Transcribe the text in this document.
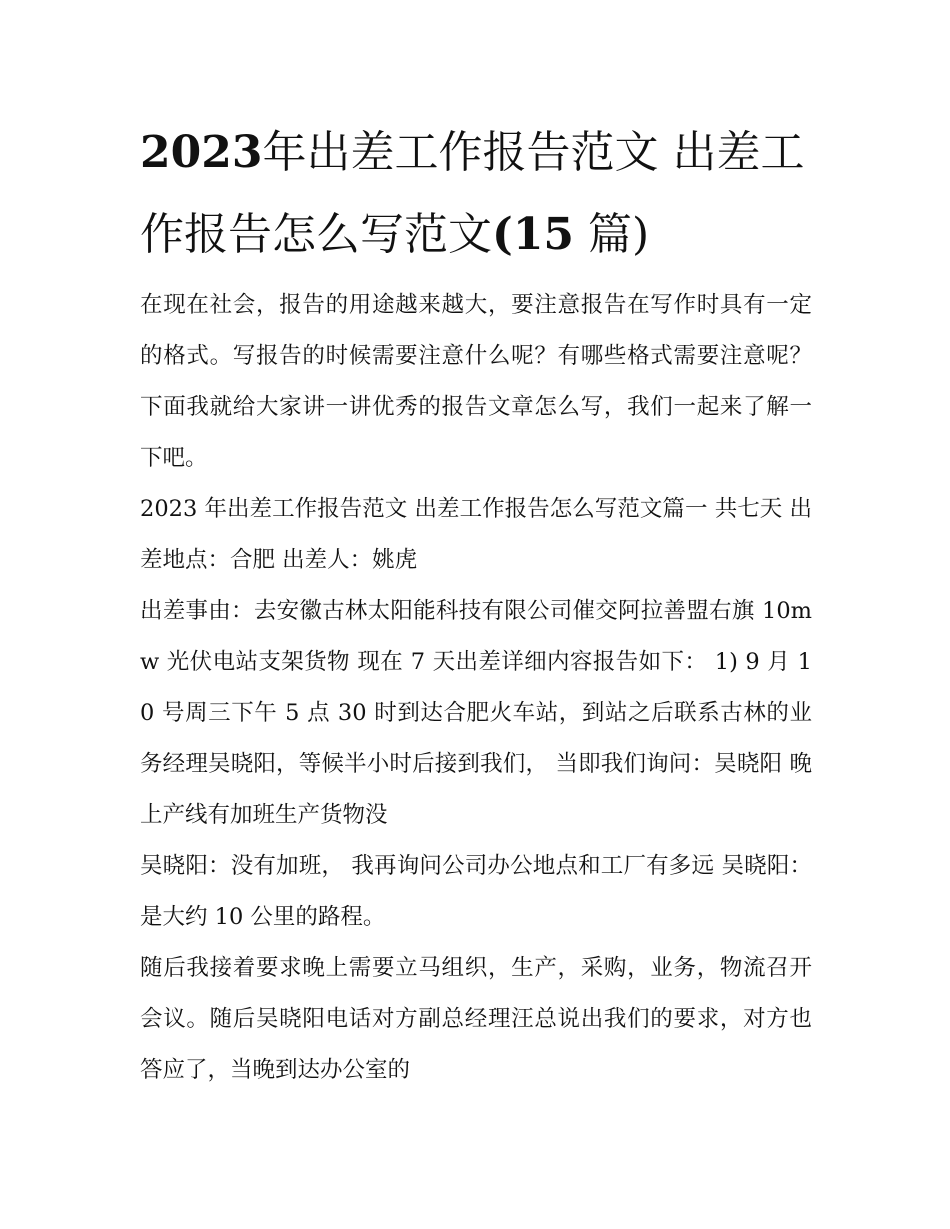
2023年出差工作报告范文 出差工作报告怎么写范文(15 篇)

在现在社会，报告的用途越来越大，要注意报告在写作时具有一定的格式。写报告的时候需要注意什么呢？有哪些格式需要注意呢？下面我就给大家讲一讲优秀的报告文章怎么写，我们一起来了解一下吧。

2023 年出差工作报告范文 出差工作报告怎么写范文篇一 共七天 出差地点：合肥 出差人：姚虎

出差事由：去安徽古林太阳能科技有限公司催交阿拉善盟右旗 10mw 光伏电站支架货物 现在 7 天出差详细内容报告如下： 1) 9 月 10 号周三下午 5 点 30 时到达合肥火车站，到站之后联系古林的业务经理吴晓阳，等候半小时后接到我们， 当即我们询问：吴晓阳 晚上产线有加班生产货物没

吴晓阳：没有加班， 我再询问公司办公地点和工厂有多远 吴晓阳：是大约 10 公里的路程。

随后我接着要求晚上需要立马组织，生产，采购，业务，物流召开会议。随后吴晓阳电话对方副总经理汪总说出我们的要求，对方也答应了，当晚到达办公室的
